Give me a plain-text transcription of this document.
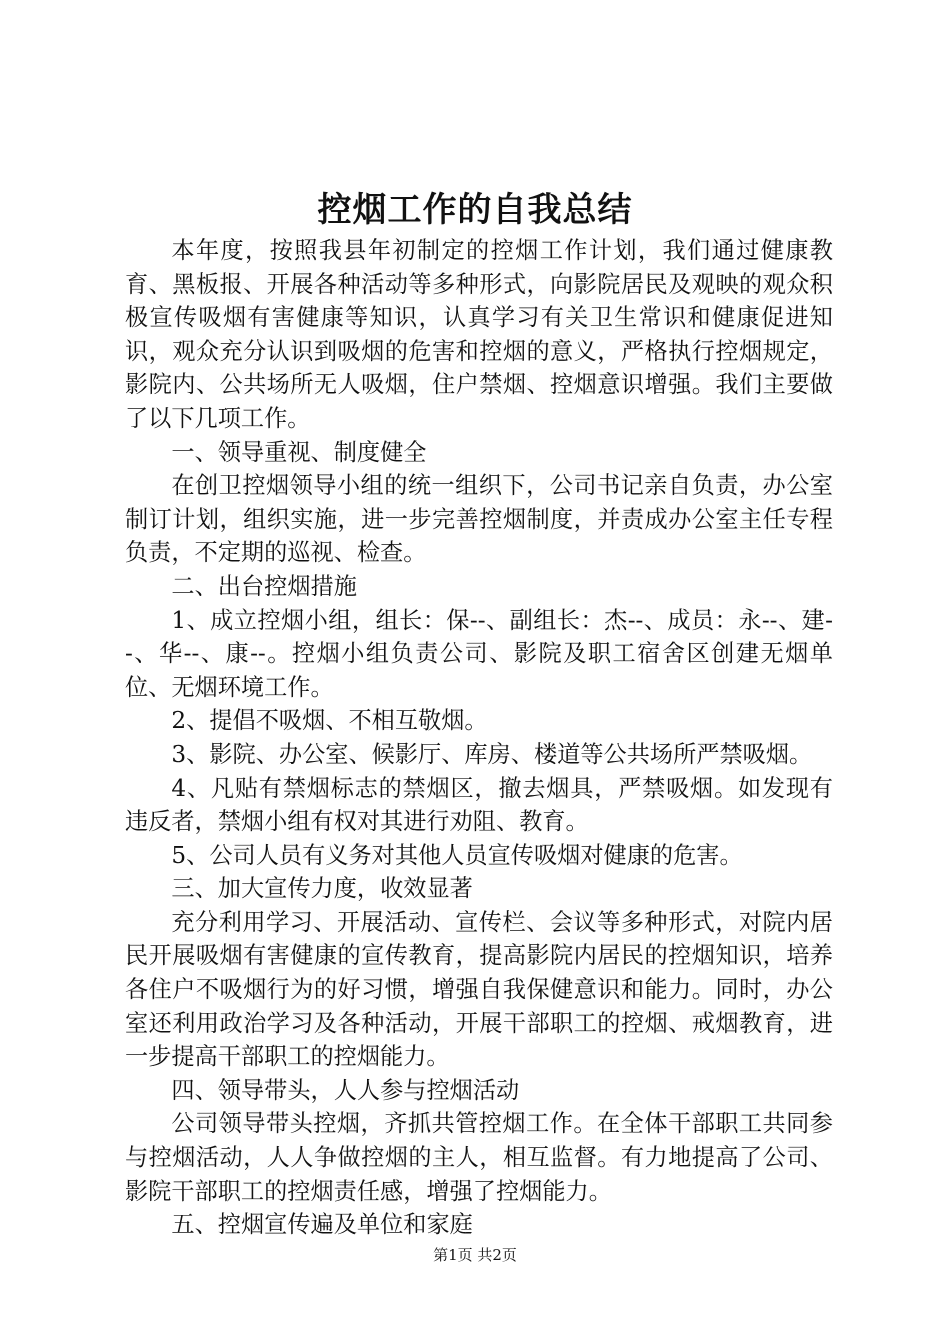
控烟工作的自我总结

本年度，按照我县年初制定的控烟工作计划，我们通过健康教育、黑板报、开展各种活动等多种形式，向影院居民及观映的观众积极宣传吸烟有害健康等知识，认真学习有关卫生常识和健康促进知识，观众充分认识到吸烟的危害和控烟的意义，严格执行控烟规定，影院内、公共场所无人吸烟，住户禁烟、控烟意识增强。我们主要做了以下几项工作。

一、领导重视、制度健全

在创卫控烟领导小组的统一组织下，公司书记亲自负责，办公室制订计划，组织实施，进一步完善控烟制度，并责成办公室主任专程负责，不定期的巡视、检查。

二、出台控烟措施

1、成立控烟小组，组长：保--、副组长：杰--、成员：永--、建--、华--、康--。控烟小组负责公司、影院及职工宿舍区创建无烟单位、无烟环境工作。

2、提倡不吸烟、不相互敬烟。

3、影院、办公室、候影厅、库房、楼道等公共场所严禁吸烟。

4、凡贴有禁烟标志的禁烟区，撤去烟具，严禁吸烟。如发现有违反者，禁烟小组有权对其进行劝阻、教育。

5、公司人员有义务对其他人员宣传吸烟对健康的危害。

三、加大宣传力度，收效显著

充分利用学习、开展活动、宣传栏、会议等多种形式，对院内居民开展吸烟有害健康的宣传教育，提高影院内居民的控烟知识，培养各住户不吸烟行为的好习惯，增强自我保健意识和能力。同时，办公室还利用政治学习及各种活动，开展干部职工的控烟、戒烟教育，进一步提高干部职工的控烟能力。

四、领导带头，人人参与控烟活动

公司领导带头控烟，齐抓共管控烟工作。在全体干部职工共同参与控烟活动，人人争做控烟的主人，相互监督。有力地提高了公司、影院干部职工的控烟责任感，增强了控烟能力。

五、控烟宣传遍及单位和家庭

第1页 共2页
